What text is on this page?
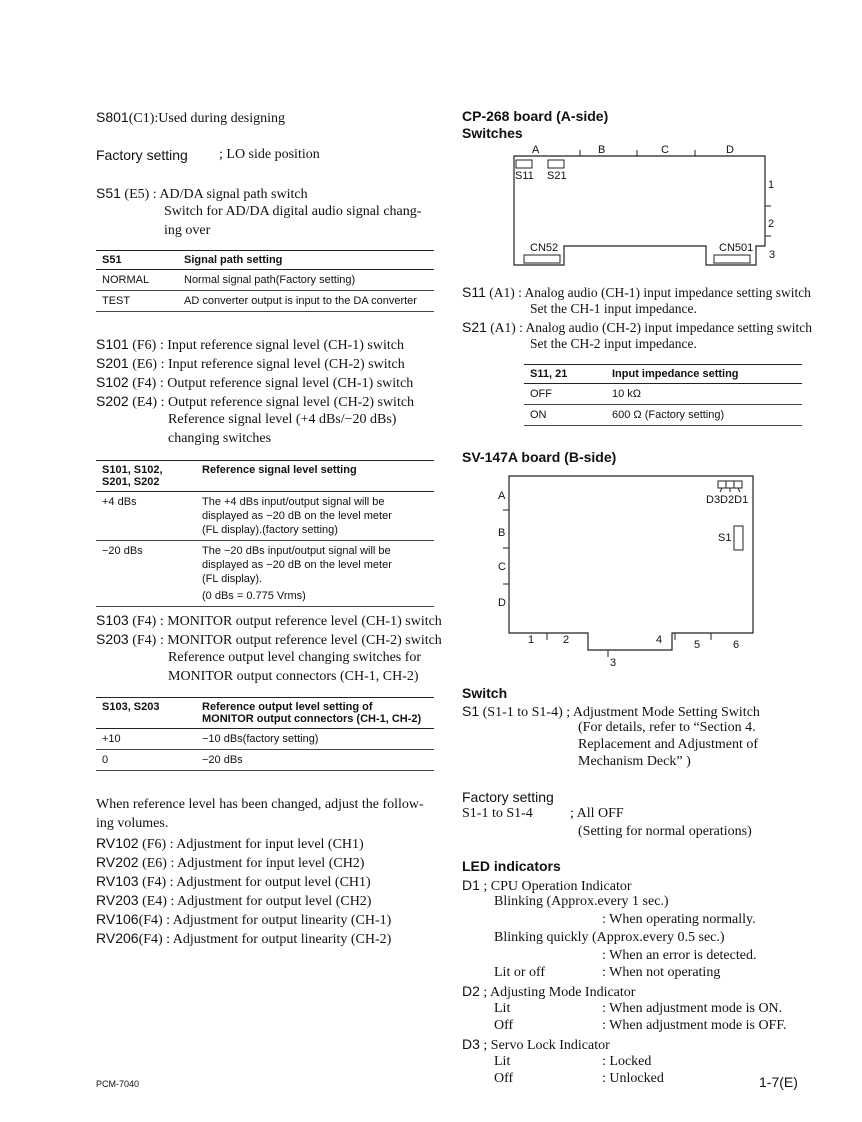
S801(C1):Used during designing
Factory setting ; LO side position
S51 (E5) : AD/DA signal path switch
Switch for AD/DA digital audio signal chang-
ing over
S51	Signal path setting
NORMAL	Normal signal path(Factory setting)
TEST	AD converter output is input to the DA converter
S101 (F6) : Input reference signal level (CH-1) switch
S201 (E6) : Input reference signal level (CH-2) switch
S102 (F4) : Output reference signal level (CH-1) switch
S202 (E4) : Output reference signal level (CH-2) switch
Reference signal level (+4 dBs/−20 dBs)
changing switches
S101, S102,
S201, S202	Reference signal level setting
+4 dBs	The +4 dBs input/output signal will be
displayed as −20 dB on the level meter
(FL display).(factory setting)
−20 dBs	The −20 dBs input/output signal will be
displayed as −20 dB on the level meter
(FL display).
	(0 dBs = 0.775 Vrms)
S103 (F4) : MONITOR output reference level (CH-1) switch
S203 (F4) : MONITOR output reference level (CH-2) switch
Reference output level changing switches for
MONITOR output connectors (CH-1, CH-2)
S103, S203	Reference output level setting of
MONITOR output connectors (CH-1, CH-2)
+10	−10 dBs(factory setting)
0	−20 dBs
When reference level has been changed, adjust the follow-
ing volumes.
RV102 (F6) : Adjustment for input level (CH1)
RV202 (E6) : Adjustment for input level (CH2)
RV103 (F4) : Adjustment for output level (CH1)
RV203 (E4) : Adjustment for output level (CH2)
RV106(F4) : Adjustment for output linearity (CH-1)
RV206(F4) : Adjustment for output linearity (CH-2)
CP-268 board (A-side)
Switches
A	B	C	D
1
2
3
S11 S21
CN52	CN501
S11 (A1) : Analog audio (CH-1) input impedance setting switch
Set the CH-1 input impedance.
S21 (A1) : Analog audio (CH-2) input impedance setting switch
Set the CH-2 input impedance.
S11, 21	Input impedance setting
OFF	10 kΩ
ON	600 Ω (Factory setting)
SV-147A board (B-side)
A
B
C
D
1	2
3
4	5	6
D3D2D1
S1
Switch
S1 (S1-1 to S1-4) ; Adjustment Mode Setting Switch
(For details, refer to “Section 4.
Replacement and Adjustment of
Mechanism Deck” )
Factory setting
S1-1 to S1-4	; All OFF
(Setting for normal operations)
LED indicators
D1 ; CPU Operation Indicator
Blinking (Approx.every 1 sec.)
: When operating normally.
Blinking quickly (Approx.every 0.5 sec.)
: When an error is detected.
Lit or off	: When not operating
D2 ; Adjusting Mode Indicator
Lit	: When adjustment mode is ON.
Off	: When adjustment mode is OFF.
D3 ; Servo Lock Indicator
Lit	: Locked
Off	: Unlocked
PCM-7040	1-7(E)
